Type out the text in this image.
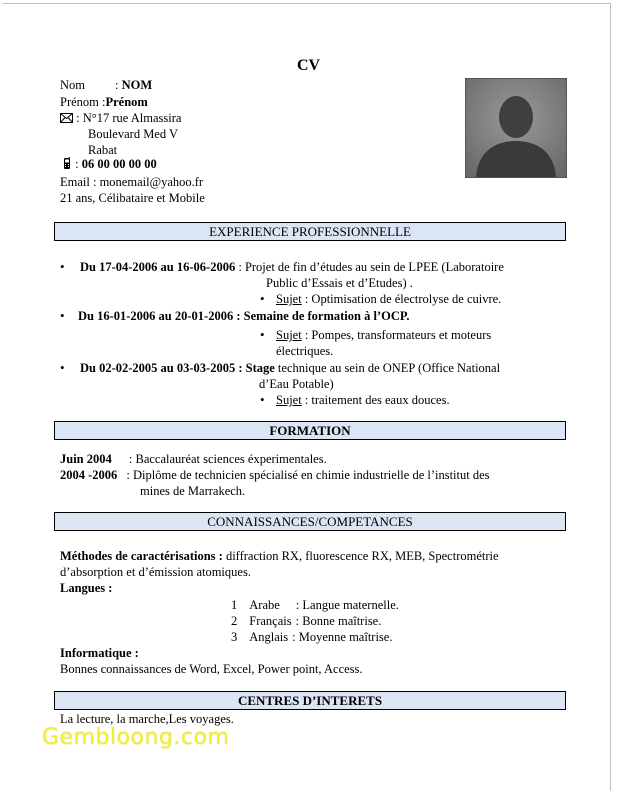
CV
Nom : NOM
Prénom :Prénom
: N°17 rue Almassira
Boulevard Med V
Rabat
: 06 00 00 00 00
Email : monemail@yahoo.fr
21 ans, Célibataire et Mobile
EXPERIENCE PROFESSIONNELLE
• Du 17-04-2006 au 16-06-2006 : Projet de fin d’études au sein de LPEE (Laboratoire
Public d’Essais et d’Etudes) .
• Sujet : Optimisation de électrolyse de cuivre.
• Du 16-01-2006 au 20-01-2006 : Semaine de formation à l’OCP.
• Sujet : Pompes, transformateurs et moteurs
électriques.
• Du 02-02-2005 au 03-03-2005 : Stage technique au sein de ONEP (Office National
d’Eau Potable)
• Sujet : traitement des eaux douces.
FORMATION
Juin 2004 : Baccalauréat sciences éxperimentales.
2004 -2006 : Diplôme de technicien spécialisé en chimie industrielle de l’institut des
mines de Marrakech.
CONNAISSANCES/COMPETANCES
Méthodes de caractérisations : diffraction RX, fluorescence RX, MEB, Spectrométrie
d’absorption et d’émission atomiques.
Langues :
1 Arabe : Langue maternelle.
2 Français : Bonne maîtrise.
3 Anglais : Moyenne maîtrise.
Informatique :
Bonnes connaissances de Word, Excel, Power point, Access.
CENTRES D’INTERETS
La lecture, la marche,Les voyages.
Gembloong.com
